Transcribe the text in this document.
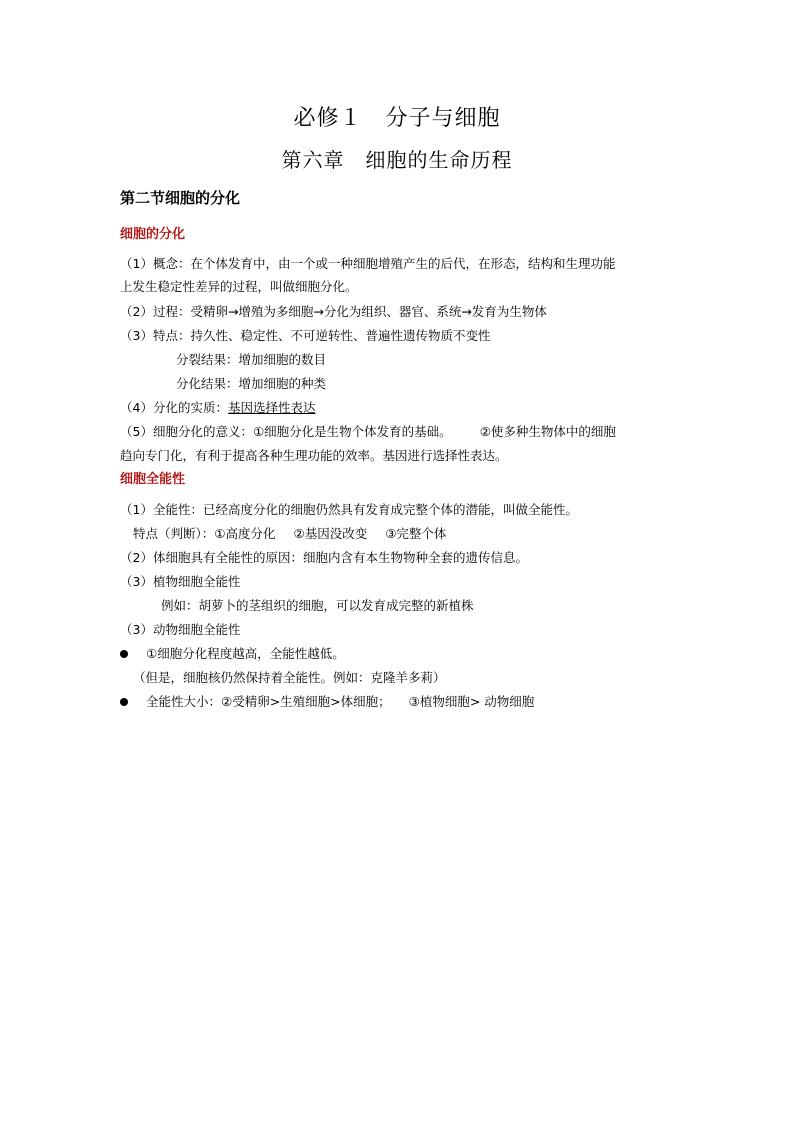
必修１　分子与细胞
第六章　细胞的生命历程
第二节细胞的分化
细胞的分化
（1）概念：在个体发育中，由一个或一种细胞增殖产生的后代，在形态，结构和生理功能
上发生稳定性差异的过程，叫做细胞分化。
（2）过程：受精卵→增殖为多细胞→分化为组织、器官、系统→发育为生物体
（3）特点：持久性、稳定性、不可逆转性、普遍性遗传物质不变性
分裂结果：增加细胞的数目
分化结果：增加细胞的种类
（4）分化的实质：基因选择性表达
（5）细胞分化的意义：①细胞分化是生物个体发育的基础。 ②使多种生物体中的细胞
趋向专门化，有利于提高各种生理功能的效率。基因进行选择性表达。
细胞全能性
（1）全能性：已经高度分化的细胞仍然具有发育成完整个体的潜能，叫做全能性。
特点（判断）：①高度分化 ②基因没改变 ③完整个体
（2）体细胞具有全能性的原因：细胞内含有本生物物种全套的遗传信息。
（3）植物细胞全能性
例如：胡萝卜的茎组织的细胞，可以发育成完整的新植株
（3）动物细胞全能性
①细胞分化程度越高，全能性越低。
（但是，细胞核仍然保持着全能性。例如：克隆羊多莉）
全能性大小：②受精卵>生殖细胞>体细胞； ③植物细胞> 动物细胞
